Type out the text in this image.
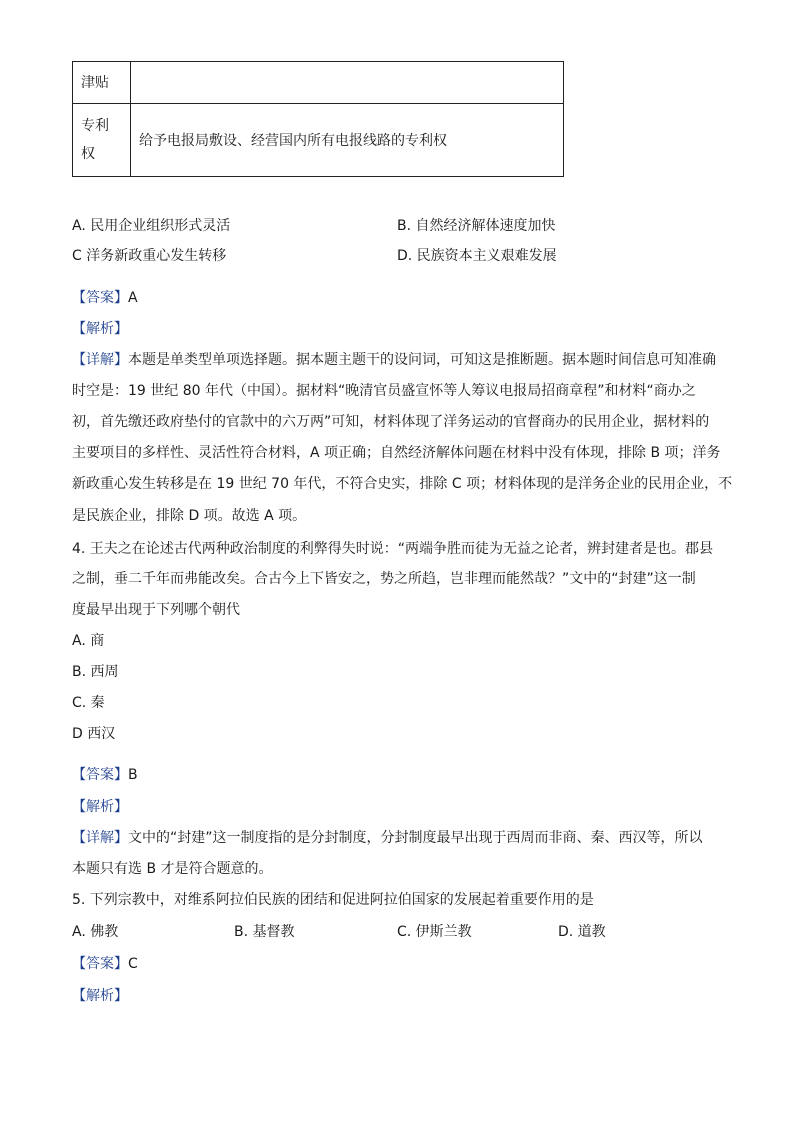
津贴	
专利
权	给予电报局敷设、经营国内所有电报线路的专利权
A. 民用企业组织形式灵活	B. 自然经济解体速度加快
C 洋务新政重心发生转移	D. 民族资本主义艰难发展
【答案】A
【解析】
【详解】本题是单类型单项选择题。据本题主题干的设问词，可知这是推断题。据本题时间信息可知准确
时空是：19 世纪 80 年代（中国）。据材料“晚清官员盛宣怀等人筹议电报局招商章程”和材料“商办之
初，首先缴还政府垫付的官款中的六万两”可知，材料体现了洋务运动的官督商办的民用企业，据材料的
主要项目的多样性、灵活性符合材料，A 项正确；自然经济解体问题在材料中没有体现，排除 B 项；洋务
新政重心发生转移是在 19 世纪 70 年代，不符合史实，排除 C 项；材料体现的是洋务企业的民用企业，不
是民族企业，排除 D 项。故选 A 项。
4. 王夫之在论述古代两种政治制度的利弊得失时说：“两端争胜而徒为无益之论者，辨封建者是也。郡县
之制，垂二千年而弗能改矣。合古今上下皆安之，势之所趋，岂非理而能然哉？”文中的“封建”这一制
度最早出现于下列哪个朝代
A. 商
B. 西周
C. 秦
D 西汉
【答案】B
【解析】
【详解】文中的“封建”这一制度指的是分封制度，分封制度最早出现于西周而非商、秦、西汉等，所以
本题只有选 B 才是符合题意的。
5. 下列宗教中，对维系阿拉伯民族的团结和促进阿拉伯国家的发展起着重要作用的是
A. 佛教	B. 基督教	C. 伊斯兰教	D. 道教
【答案】C
【解析】
